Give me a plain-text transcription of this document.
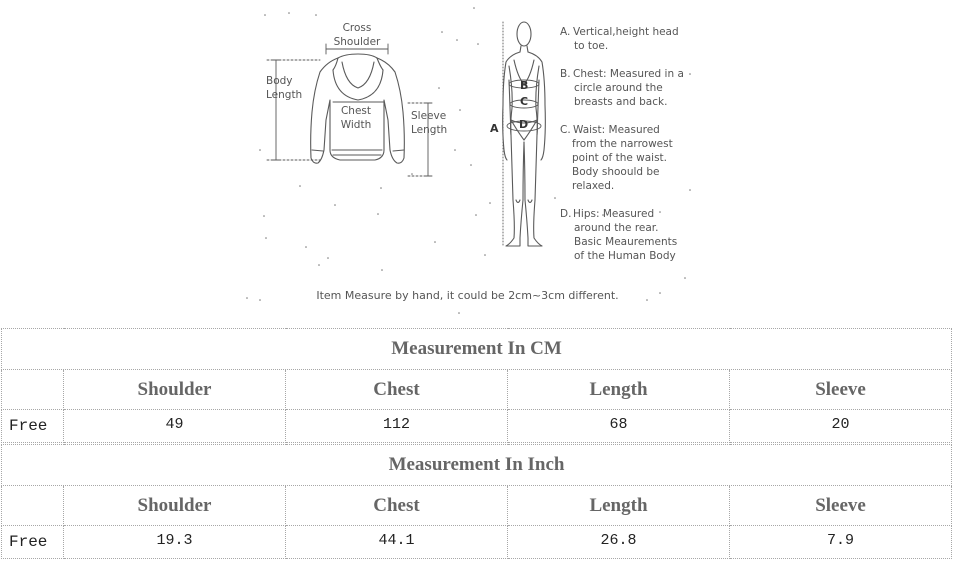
Cross
Shoulder
Body
Length
Chest
Width
Sleeve
Length	A
B
C
D
A. Vertical,height head
to toe.
B. Chest: Measured in a
circle around the
breasts and back.
C. Waist: Measured
from the narrowest
point of the waist.
Body shoould be
relaxed.
D. Hips: Measured
around the rear.
Basic Meaurements
of the Human Body
Item Measure by hand, it could be 2cm~3cm different.
Measurement In CM				
	Shoulder	Chest	Length	Sleeve
Free	49	112	68	20
Measurement In Inch				
	Shoulder	Chest	Length	Sleeve
Free	19.3	44.1	26.8	7.9
